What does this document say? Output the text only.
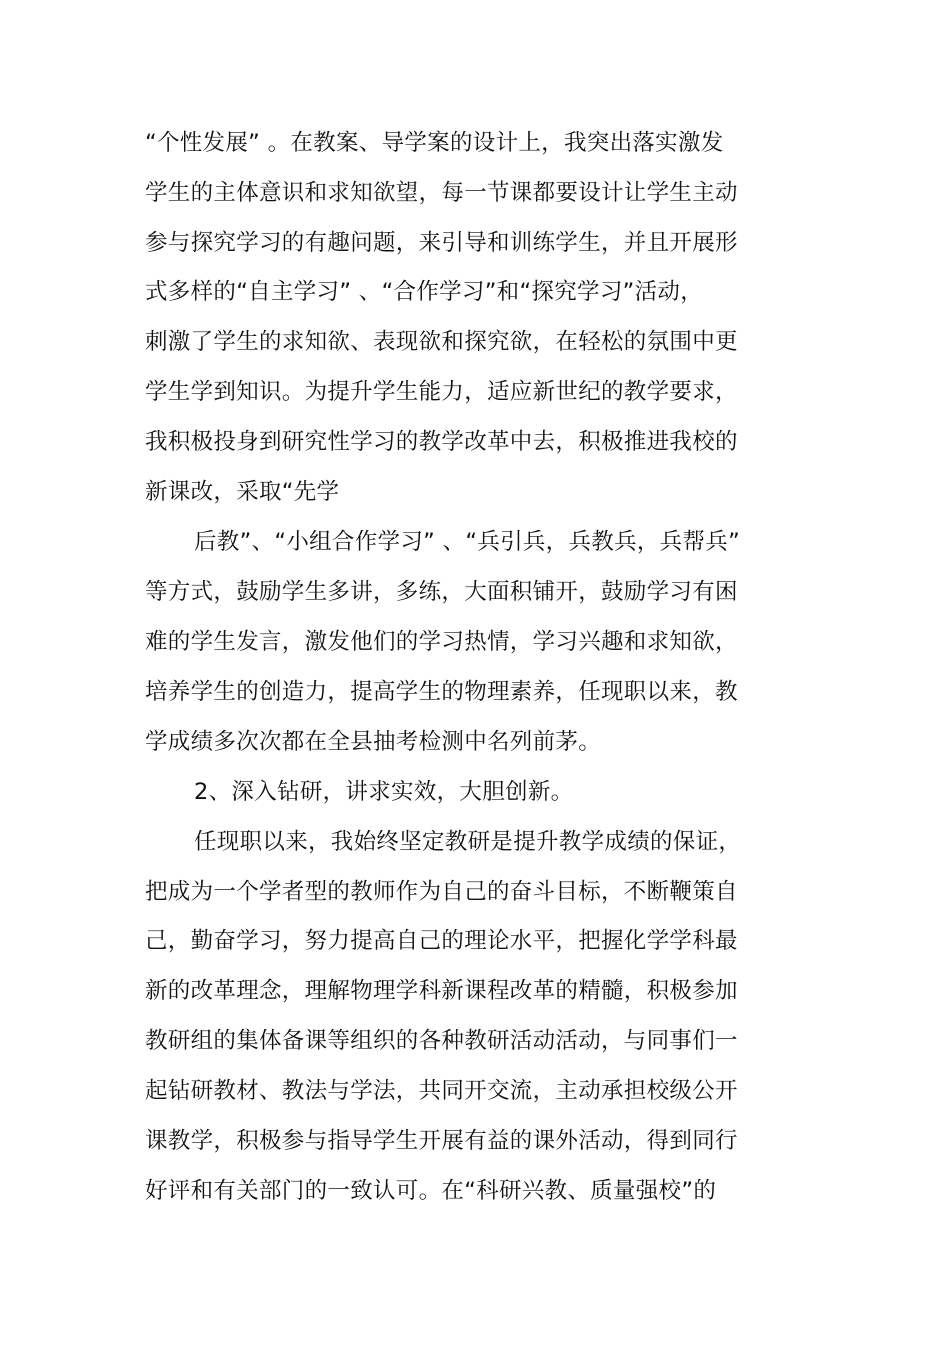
“个性发展” 。在教案、导学案的设计上，我突出落实激发
学生的主体意识和求知欲望，每一节课都要设计让学生主动
参与探究学习的有趣问题，来引导和训练学生，并且开展形
式多样的“自主学习” 、“合作学习”和“探究学习”活动，
刺激了学生的求知欲、表现欲和探究欲，在轻松的氛围中更
学生学到知识。为提升学生能力，适应新世纪的教学要求，
我积极投身到研究性学习的教学改革中去，积极推进我校的
新课改，采取“先学
后教”、“小组合作学习” 、“兵引兵，兵教兵，兵帮兵”
等方式，鼓励学生多讲，多练，大面积铺开，鼓励学习有困
难的学生发言，激发他们的学习热情，学习兴趣和求知欲，
培养学生的创造力，提高学生的物理素养，任现职以来，教
学成绩多次次都在全县抽考检测中名列前茅。
2、深入钻研，讲求实效，大胆创新。
任现职以来，我始终坚定教研是提升教学成绩的保证，
把成为一个学者型的教师作为自己的奋斗目标，不断鞭策自
己，勤奋学习，努力提高自己的理论水平，把握化学学科最
新的改革理念，理解物理学科新课程改革的精髓，积极参加
教研组的集体备课等组织的各种教研活动活动，与同事们一
起钻研教材、教法与学法，共同开交流，主动承担校级公开
课教学，积极参与指导学生开展有益的课外活动，得到同行
好评和有关部门的一致认可。在“科研兴教、质量强校”的
